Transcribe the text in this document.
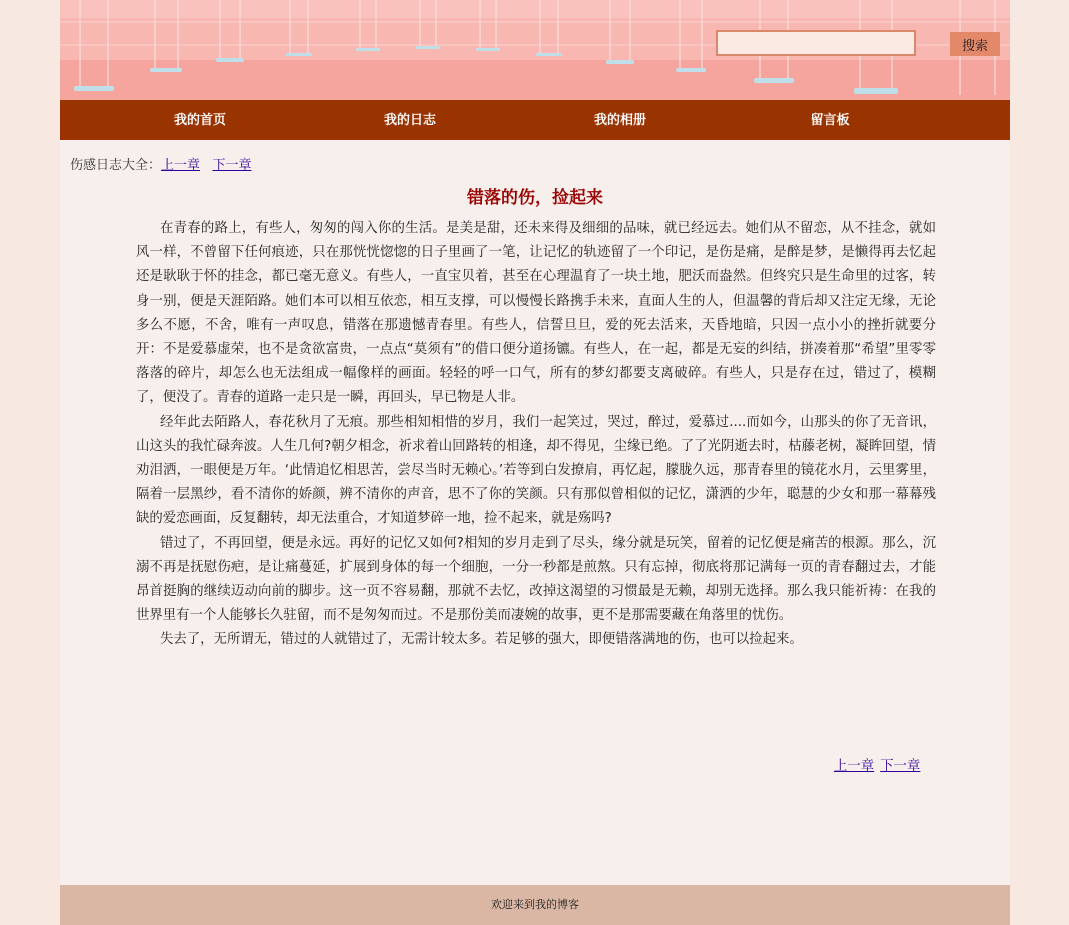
搜索
我的首页	我的日志	我的相册	留言板
伤感日志大全：上一章 下一章
错落的伤，捡起来

在青春的路上，有些人，匆匆的闯入你的生活。是美是甜，还未来得及细细的品味，就已经远去。她们从不留恋，从不挂念，就如风一样，不曾留下任何痕迹，只在那恍恍惚惚的日子里画了一笔，让记忆的轨迹留了一个印记，是伤是痛，是醉是梦，是懒得再去忆起还是耿耿于怀的挂念，都已毫无意义。有些人，一直宝贝着，甚至在心理温育了一块土地，肥沃而盎然。但终究只是生命里的过客，转身一别，便是天涯陌路。她们本可以相互依恋，相互支撑，可以慢慢长路携手未来，直面人生的人，但温馨的背后却又注定无缘，无论多么不愿，不舍，唯有一声叹息，错落在那遗憾青春里。有些人，信誓旦旦，爱的死去活来，天昏地暗，只因一点小小的挫折就要分开：不是爱慕虚荣，也不是贪欲富贵，一点点“莫须有”的借口便分道扬镳。有些人，在一起，都是无妄的纠结，拼凑着那“希望”里零零落落的碎片，却怎么也无法组成一幅像样的画面。轻轻的呼一口气，所有的梦幻都要支离破碎。有些人，只是存在过，错过了，模糊了，便没了。青春的道路一走只是一瞬，再回头，早已物是人非。

经年此去陌路人，春花秋月了无痕。那些相知相惜的岁月，我们一起笑过，哭过，醉过，爱慕过....而如今，山那头的你了无音讯，山这头的我忙碌奔波。人生几何?朝夕相念，祈求着山回路转的相逢，却不得见，尘缘已绝。了了光阴逝去时，枯藤老树，凝眸回望，情劝泪洒，一眼便是万年。‘此情追忆相思苦，尝尽当时无赖心。’若等到白发撩肩，再忆起，朦胧久远，那青春里的镜花水月，云里雾里，隔着一层黑纱，看不清你的娇颜，辨不清你的声音，思不了你的笑颜。只有那似曾相似的记忆，潇洒的少年，聪慧的少女和那一幕幕残缺的爱恋画面，反复翻转，却无法重合，才知道梦碎一地，捡不起来，就是殇吗?

错过了，不再回望，便是永远。再好的记忆又如何?相知的岁月走到了尽头，缘分就是玩笑，留着的记忆便是痛苦的根源。那么，沉溺不再是抚慰伤疤，是让痛蔓延，扩展到身体的每一个细胞，一分一秒都是煎熬。只有忘掉，彻底将那记满每一页的青春翻过去，才能昂首挺胸的继续迈动向前的脚步。这一页不容易翻，那就不去忆，改掉这渴望的习惯最是无赖，却别无选择。那么我只能祈祷：在我的世界里有一个人能够长久驻留，而不是匆匆而过。不是那份美而凄婉的故事，更不是那需要藏在角落里的忧伤。

失去了，无所谓无，错过的人就错过了，无需计较太多。若足够的强大，即便错落满地的伤，也可以捡起来。

上一章 下一章
欢迎来到我的博客
